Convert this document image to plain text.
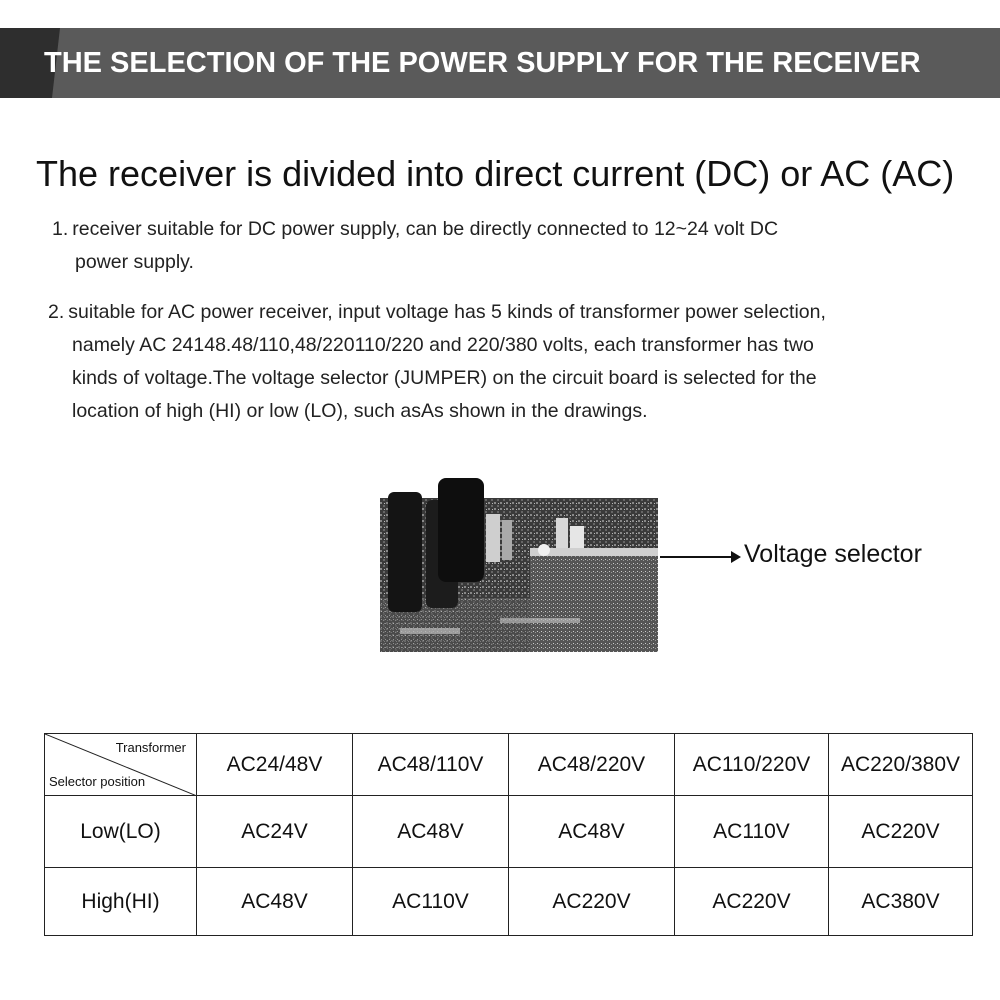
THE SELECTION OF THE POWER SUPPLY FOR THE RECEIVER
The receiver is divided into direct current (DC) or AC (AC)
1. receiver suitable for DC power supply, can be directly connected to 12~24 volt DC
power supply.
2. suitable for AC power receiver, input voltage has 5 kinds of transformer power selection,
namely AC 24148.48/110,48/220110/220 and 220/380 volts, each transformer has two
kinds of voltage.The voltage selector (JUMPER) on the circuit board is selected for the
location of high (HI) or low (LO), such asAs shown in the drawings.
Voltage selector
Transformer
Selector position	AC24/48V	AC48/110V	AC48/220V	AC110/220V	AC220/380V
Low(LO)	AC24V	AC48V	AC48V	AC110V	AC220V
High(HI)	AC48V	AC110V	AC220V	AC220V	AC380V
